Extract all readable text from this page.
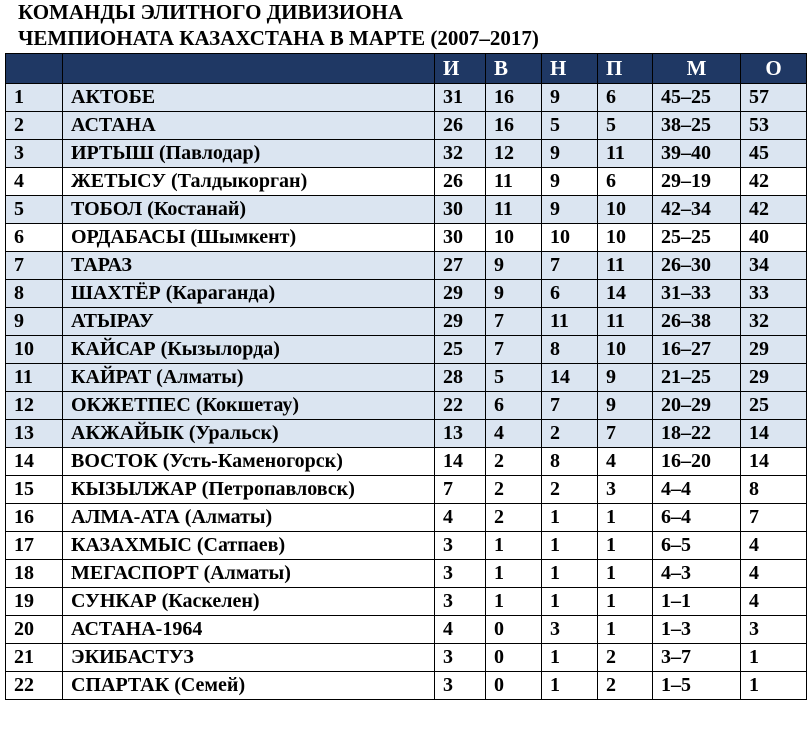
КОМАНДЫ ЭЛИТНОГО ДИВИЗИОНА
ЧЕМПИОНАТА КАЗАХСТАНА В МАРТЕ (2007–2017)
		И	В	Н	П	М	О
1	АКТОБЕ	31	16	9	6	45–25	57
2	АСТАНА	26	16	5	5	38–25	53
3	ИРТЫШ (Павлодар)	32	12	9	11	39–40	45
4	ЖЕТЫСУ (Талдыкорган)	26	11	9	6	29–19	42
5	ТОБОЛ (Костанай)	30	11	9	10	42–34	42
6	ОРДАБАСЫ (Шымкент)	30	10	10	10	25–25	40
7	ТАРАЗ	27	9	7	11	26–30	34
8	ШАХТЁР (Караганда)	29	9	6	14	31–33	33
9	АТЫРАУ	29	7	11	11	26–38	32
10	КАЙСАР (Кызылорда)	25	7	8	10	16–27	29
11	КАЙРАТ (Алматы)	28	5	14	9	21–25	29
12	ОКЖЕТПЕС (Кокшетау)	22	6	7	9	20–29	25
13	АКЖАЙЫК (Уральск)	13	4	2	7	18–22	14
14	ВОСТОК (Усть-Каменогорск)	14	2	8	4	16–20	14
15	КЫЗЫЛЖАР (Петропавловск)	7	2	2	3	4–4	8
16	АЛМА-АТА (Алматы)	4	2	1	1	6–4	7
17	КАЗАХМЫС (Сатпаев)	3	1	1	1	6–5	4
18	МЕГАСПОРТ (Алматы)	3	1	1	1	4–3	4
19	СУНКАР (Каскелен)	3	1	1	1	1–1	4
20	АСТАНА-1964	4	0	3	1	1–3	3
21	ЭКИБАСТУЗ	3	0	1	2	3–7	1
22	СПАРТАК (Семей)	3	0	1	2	1–5	1
